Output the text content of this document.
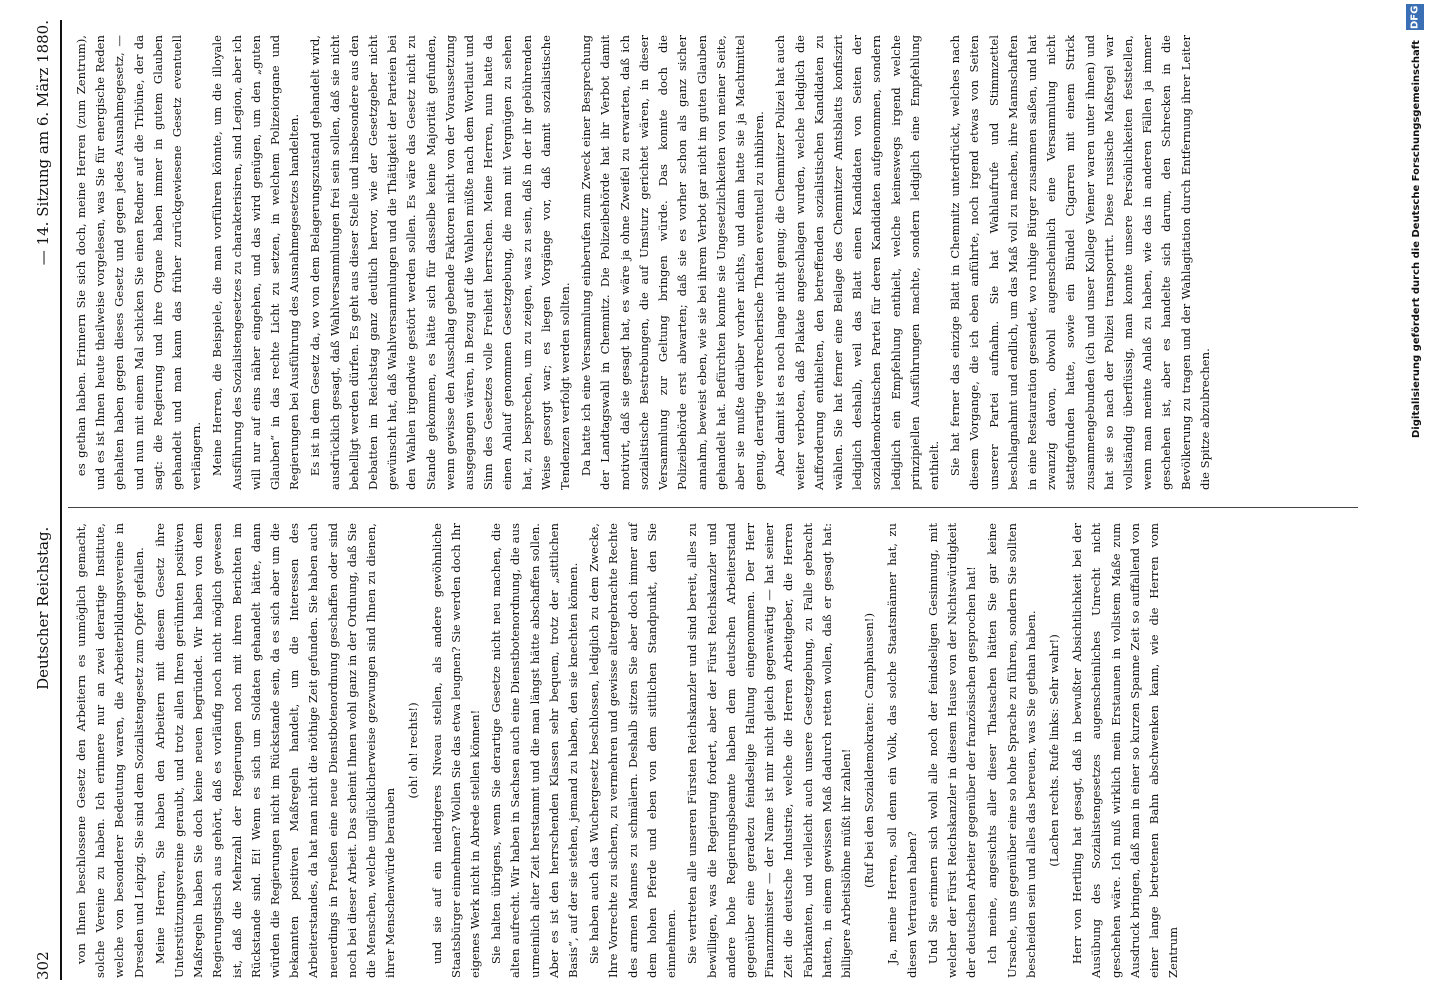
302
Deutscher Reichstag.
— 14. Sitzung am 6. März 1880.

von Ihnen beschlossene Gesetz den Arbeitern es unmöglich gemacht, solche Vereine zu haben. Ich erinnere nur an zwei derartige Institute, welche von besonderer Bedeutung waren, die Arbeiterbildungsvereine in Dresden und Leipzig. Sie sind dem Sozialistengesetz zum Opfer gefallen. Meine Herren, Sie haben den Arbeitern mit diesem Gesetz ihre Unterstützungsvereine geraubt, und trotz allen Ihren gerühmten positiven Maßregeln haben Sie doch keine neuen begründet. Wir haben von dem Regierungstisch aus gehört, daß es vorläufig noch nicht möglich gewesen ist, daß die Mehrzahl der Regierungen noch mit ihren Berichten im Rückstande sind. Ei! Wenn es sich um Soldaten gehandelt hätte, dann würden die Regierungen nicht im Rückstande sein, da es sich aber um die bekannten positiven Maßregeln handelt, um die Interessen des Arbeiterstandes, da hat man nicht die nöthige Zeit gefunden. Sie haben auch neuerdings in Preußen eine neue Dienstbotenordnung geschaffen oder sind noch bei dieser Arbeit. Das scheint Ihnen wohl ganz in der Ordnung, daß Sie die Menschen, welche unglücklicherweise gezwungen sind Ihnen zu dienen, ihrer Menschenwürde berauben

(oh! oh! rechts!) und sie auf ein niedrigeres Niveau stellen, als andere gewöhnliche Staatsbürger einnehmen? Wollen Sie das etwa leugnen? Sie werden doch Ihr eigenes Werk nicht in Abrede stellen können! Sie halten übrigens, wenn Sie derartige Gesetze nicht neu machen, die alten aufrecht. Wir haben in Sachsen auch eine Dienstbotenordnung, die aus urmeinlich alter Zeit herstammt und die man längst hätte abschaffen sollen. Aber es ist den herrschenden Klassen sehr bequem, trotz der „sittlichen Basis“, auf der sie stehen, jemand zu haben, den sie knechten können. Sie haben auch das Wuchergesetz beschlossen, lediglich zu dem Zwecke, Ihre Vorrechte zu sichern, zu vermehren und gewisse altergebrachte Rechte des armen Mannes zu schmälern. Deshalb sitzen Sie aber doch immer auf dem hohen Pferde und eben von dem sittlichen Standpunkt, den Sie einnehmen. Sie vertreten alle unseren Fürsten Reichskanzler und sind bereit, alles zu bewilligen, was die Regierung fordert, aber der Fürst Reichskanzler und andere hohe Regierungsbeamte haben dem deutschen Arbeiterstand gegenüber eine geradezu feindselige Haltung eingenommen. Der Herr Finanzminister — der Name ist mir nicht gleich gegenwärtig — hat seiner Zeit die deutsche Industrie, welche die Herren Arbeitgeber, die Herren Fabrikanten, und vielleicht auch unsere Gesetzgebung, zu Falle gebracht hatten, in einem gewissen Maß dadurch retten wollen, daß er gesagt hat: billigere Arbeitslöhne müßt ihr zahlen! (Ruf bei den Sozialdemokraten: Camphausen!) Ja, meine Herren, soll denn ein Volk, das solche Staatsmänner hat, zu diesen Vertrauen haben? Und Sie erinnern sich wohl alle noch der feindseligen Gesinnung, mit welcher der Fürst Reichskanzler in diesem Hause von der Nichtswürdigkeit der deutschen Arbeiter gegenüber der französischen gesprochen hat! Ich meine, angesichts aller dieser Thatsachen hätten Sie gar keine Ursache, uns gegenüber eine so hohe Sprache zu führen, sondern Sie sollten bescheiden sein und alles das bereuen, was Sie gethan haben. (Lachen rechts. Rufe links: Sehr wahr!) Herr von Hertling hat gesagt, daß in bewußter Absichtlichkeit bei der Ausübung des Sozialistengesetzes augenscheinliches Unrecht nicht geschehen wäre. Ich muß wirklich mein Erstaunen in vollstem Maße zum Ausdruck bringen, daß man in einer so kurzen Spanne Zeit so auffallend von einer lange betretenen Bahn abschwenken kann, wie die Herren vom Zentrum

es gethan haben. Erinnern Sie sich doch, meine Herren (zum Zentrum), und es ist Ihnen heute theilweise vorgelesen, was Sie für energische Reden gehalten haben gegen dieses Gesetz und gegen jedes Ausnahmegesetz, — und nun mit einem Mal schicken Sie einen Redner auf die Tribüne, der da sagt: die Regierung und ihre Organe haben immer in gutem Glauben gehandelt und man kann das früher zurückgewiesene Gesetz eventuell verlängern. Meine Herren, die Beispiele, die man vorführen könnte, um die illoyale Ausführung des Sozialistengesetzes zu charakterisiren, sind Legion, aber ich will nur auf eins näher eingehen, und das wird genügen, um den „guten Glauben“ in das rechte Licht zu setzen, in welchem Polizeiorgane und Regierungen bei Ausführung des Ausnahmegesetzes handelten. Es ist in dem Gesetz da, wo von dem Belagerungszustand gehandelt wird, ausdrücklich gesagt, daß Wahlversammlungen frei sein sollen, daß sie nicht behelligt werden dürfen. Es geht aus dieser Stelle und insbesondere aus den Debatten im Reichstag ganz deutlich hervor, wie der Gesetzgeber nicht gewünscht hat, daß Wahlversammlungen und die Thätigkeit der Parteien bei den Wahlen irgendwie gestört werden sollen. Es wäre das Gesetz nicht zu Stande gekommen, es hätte sich für dasselbe keine Majorität gefunden, wenn gewisse den Ausschlag gebende Faktoren nicht von der Voraussetzung ausgegangen wären, in Bezug auf die Wahlen müßte nach dem Wortlaut und Sinn des Gesetzes volle Freiheit herrschen. Meine Herren, nun hatte da einen Anlauf genommen Gesetzgebung, die man mit Vergnügen zu sehen hat, zu besprechen, um zu zeigen, was zu sein, daß in der ihr gebührenden Weise gesorgt war; es liegen Vorgänge vor, daß damit sozialistische Tendenzen verfolgt werden sollten. Da hatte ich eine Versammlung einberufen zum Zweck einer Besprechung der Landtagswahl in Chemnitz. Die Polizeibehörde hat ihr Verbot damit motivirt, daß sie gesagt hat, es wäre ja ohne Zweifel zu erwarten, daß ich sozialistische Bestrebungen, die auf Umsturz gerichtet wären, in dieser Versammlung zur Geltung bringen würde. Das konnte doch die Polizeibehörde erst abwarten; daß sie es vorher schon als ganz sicher annahm, beweist eben, wie sie bei ihrem Verbot gar nicht im guten Glauben gehandelt hat. Befürchten konnte sie Ungesetzlichkeiten von meiner Seite, aber sie mußte darüber vorher nichts, und dann hatte sie ja Machtmittel genug, derartige verbrecherische Thaten eventuell zu inhibiren. Aber damit ist es noch lange nicht genug; die Chemnitzer Polizei hat auch weiter verboten, daß Plakate angeschlagen wurden, welche lediglich die Aufforderung enthielten, den betreffenden sozialistischen Kandidaten zu wählen. Sie hat ferner eine Beilage des Chemnitzer Amtsblatts konfiszirt lediglich deshalb, weil das Blatt einen Kandidaten von Seiten der sozialdemokratischen Partei für deren Kandidaten aufgenommen, sondern lediglich ein Empfehlung enthielt, welche keineswegs irgend welche prinzipiellen Ausführungen machte, sondern lediglich eine Empfehlung enthielt. Sie hat ferner das einzige Blatt in Chemnitz unterdrückt, welches nach diesem Vorgange, die ich eben anführte, noch irgend etwas von Seiten unserer Partei aufnahm. Sie hat Wahlaufrufe und Stimmzettel beschlagnahmt und endlich, um das Maß voll zu machen, ihre Mannschaften in eine Restauration gesendet, wo ruhige Bürger zusammen saßen, und hat zwanzig davon, obwohl augenscheinlich eine Versammlung nicht stattgefunden hatte, sowie ein Bündel Cigarren mit einem Strick zusammengebunden (ich und unser Kollege Viemer waren unter ihnen) und hat sie so nach der Polizei transportirt. Diese russische Maßregel war vollständig überflüssig, man konnte unsere Persönlichkeiten feststellen, wenn man meinte Anlaß zu haben, wie das in anderen Fällen ja immer geschehen ist, aber es handelte sich darum, den Schrecken in die Bevölkerung zu tragen und der Wahlagitation durch Entfernung ihrer Leiter die Spitze abzubrechen.

DFG
Digitalisierung gefördert durch die Deutsche Forschungsgemeinschaft
